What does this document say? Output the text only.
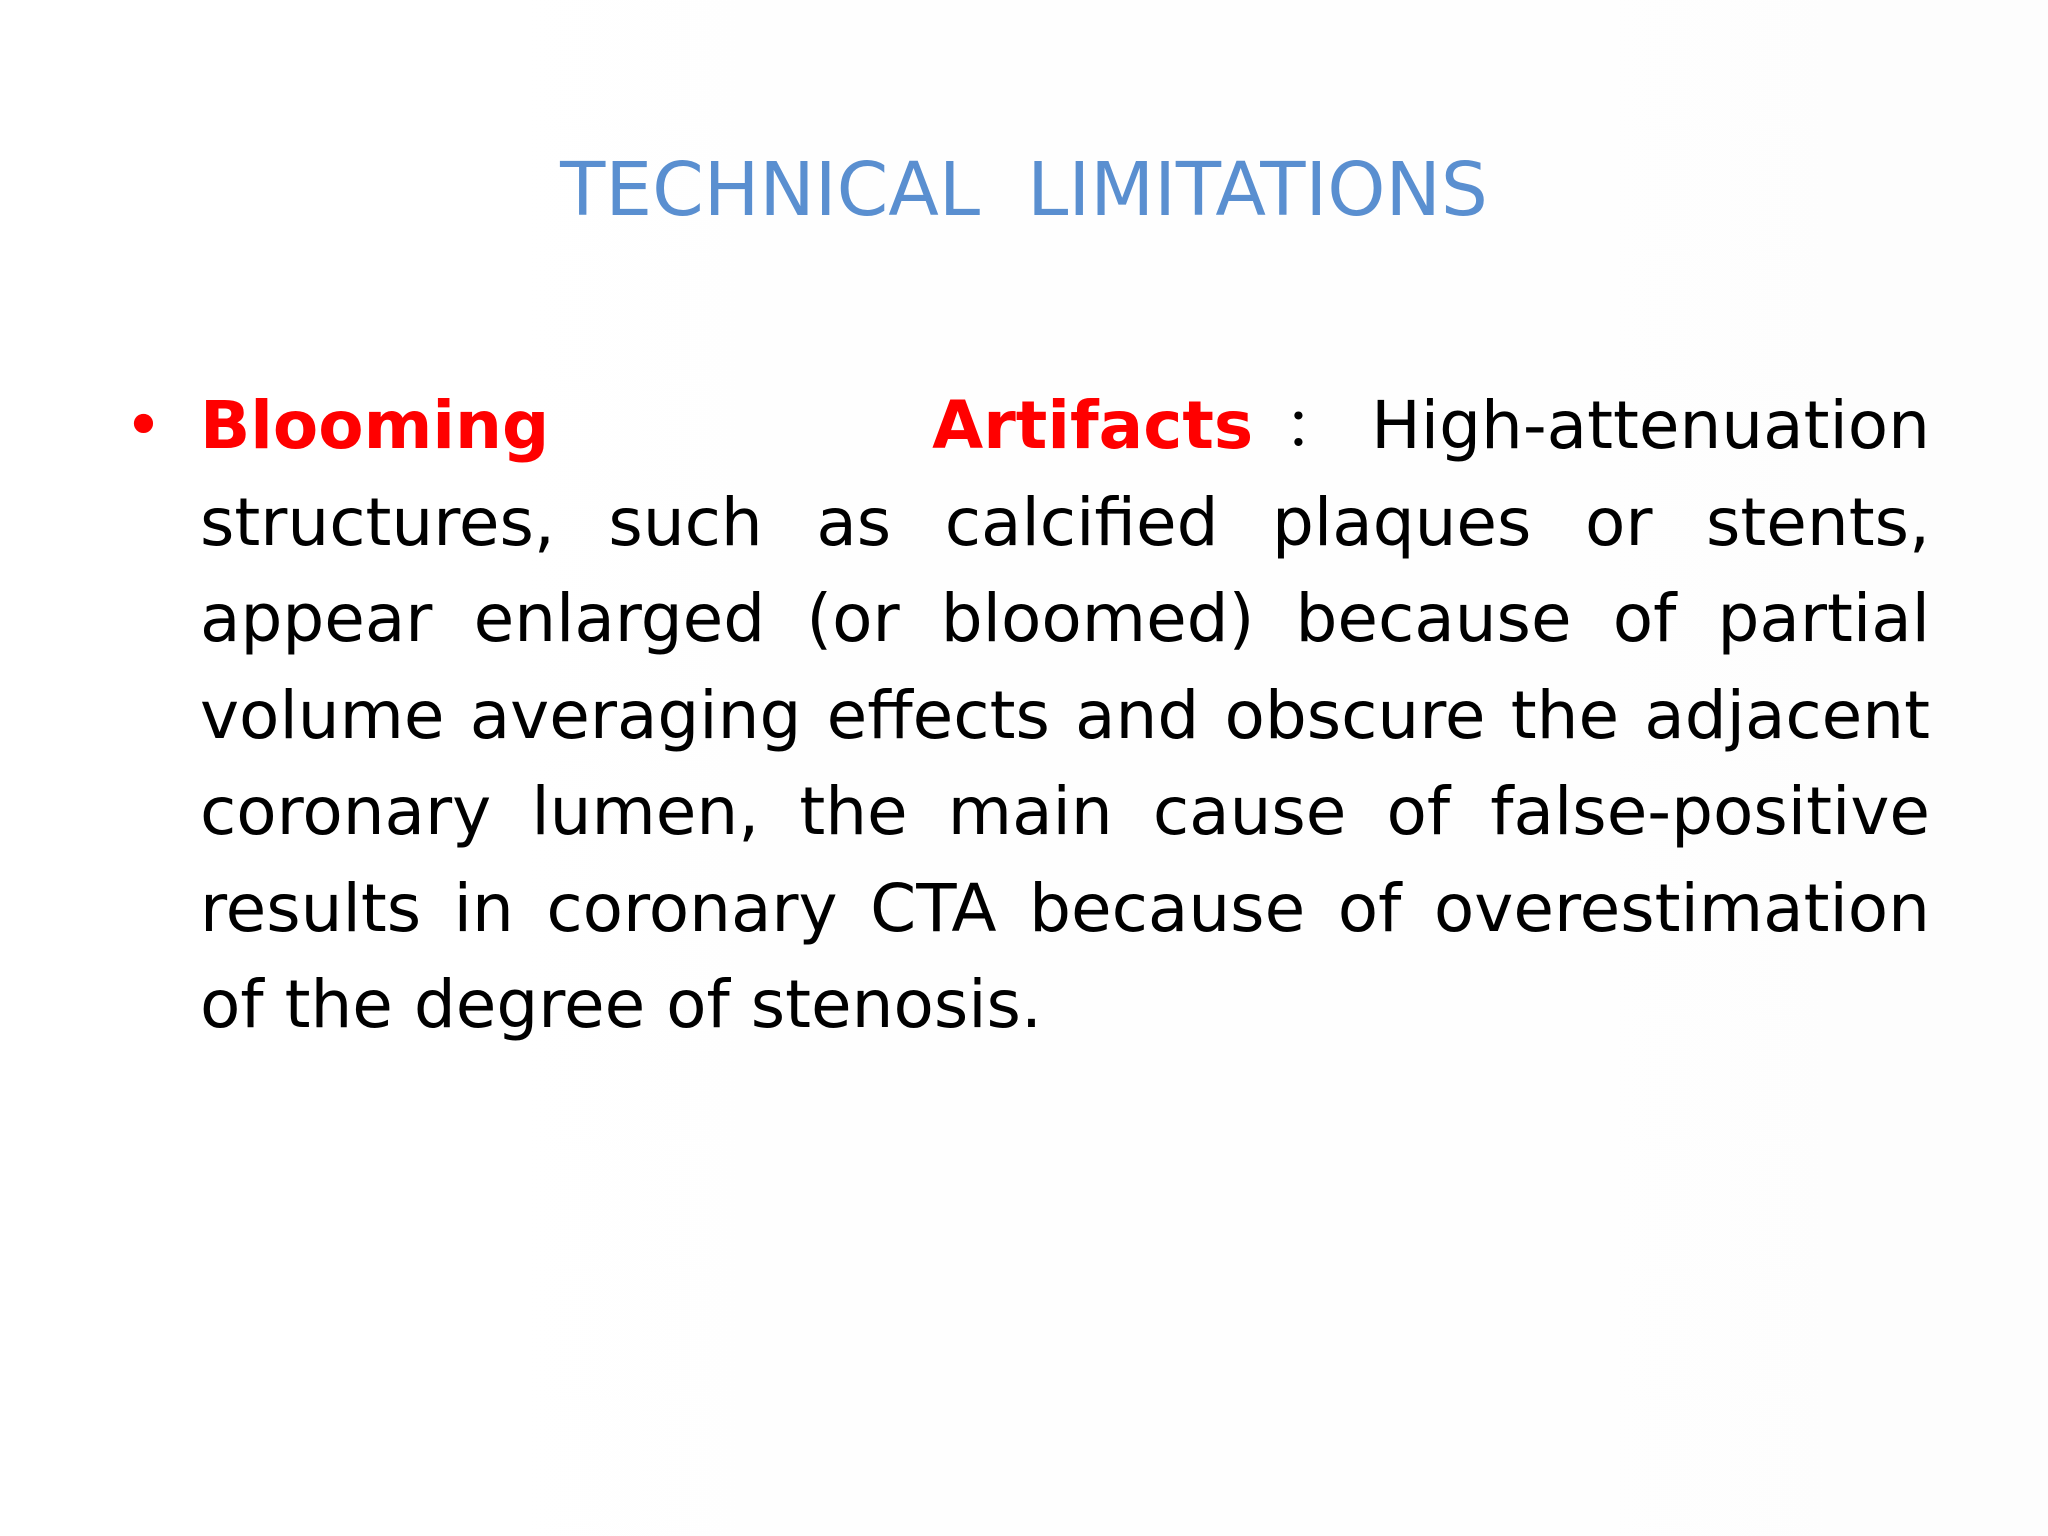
TECHNICAL  LIMITATIONS
• Blooming Artifacts ： High-attenuation structures, such as calcified plaques or stents, appear enlarged (or bloomed) because of partial volume averaging effects and obscure the adjacent coronary lumen, the main cause of false-positive results in coronary CTA because of overestimation of the degree of stenosis.
